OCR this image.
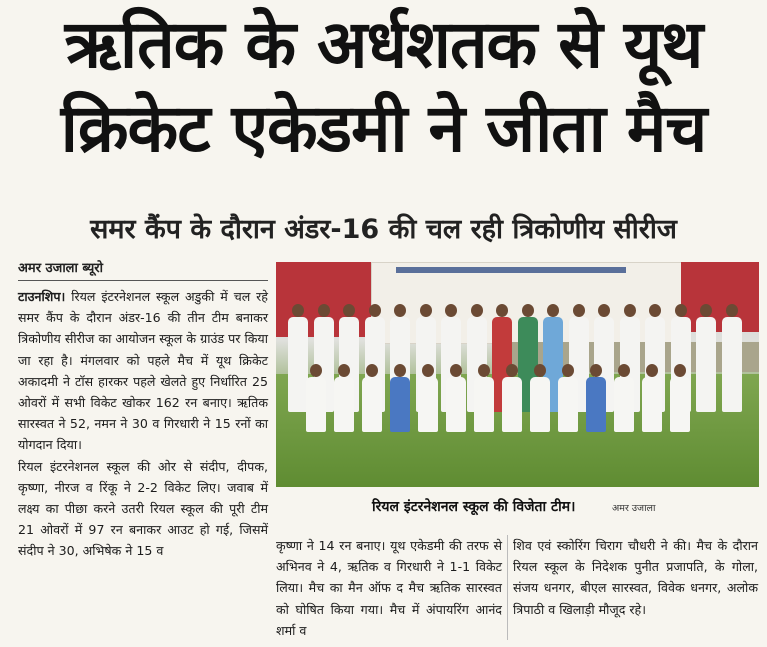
ऋतिक के अर्धशतक से यूथ
क्रिकेट एकेडमी ने जीता मैच
समर कैंप के दौरान अंडर-16 की चल रही त्रिकोणीय सीरीज
अमर उजाला ब्यूरो
टाउनशिप। रियल इंटरनेशनल स्कूल अडुकी में चल रहे समर कैंप के दौरान अंडर-16 की तीन टीम बनाकर त्रिकोणीय सीरीज का आयोजन स्कूल के ग्राउंड पर किया जा रहा है। मंगलवार को पहले मैच में यूथ क्रिकेट अकादमी ने टॉस हारकर पहले खेलते हुए निर्धारित 25 ओवरों में सभी विकेट खोकर 162 रन बनाए। ऋतिक सारस्वत ने 52, नमन ने 30 व गिरधारी ने 15 रनों का योगदान दिया।
रियल इंटरनेशनल स्कूल की ओर से संदीप, दीपक, कृष्णा, नीरज व रिंकू ने 2-2 विकेट लिए। जवाब में लक्ष्य का पीछा करने उतरी रियल स्कूल की पूरी टीम 21 ओवरों में 97 रन बनाकर आउट हो गई, जिसमें संदीप ने 30, अभिषेक ने 15 व
रियल इंटरनेशनल स्कूल की विजेता टीम।	अमर उजाला
कृष्णा ने 14 रन बनाए। यूथ एकेडमी की तरफ से अभिनव ने 4, ऋतिक व गिरधारी ने 1-1 विकेट लिया। मैच का मैन ऑफ द मैच ऋतिक सारस्वत को घोषित किया गया। मैच में अंपायरिंग आनंद शर्मा व
शिव एवं स्कोरिंग चिराग चौधरी ने की। मैच के दौरान रियल स्कूल के निदेशक पुनीत प्रजापति, के गोला, संजय धनगर, बीएल सारस्वत, विवेक धनगर, अलोक त्रिपाठी व खिलाड़ी मौजूद रहे।
